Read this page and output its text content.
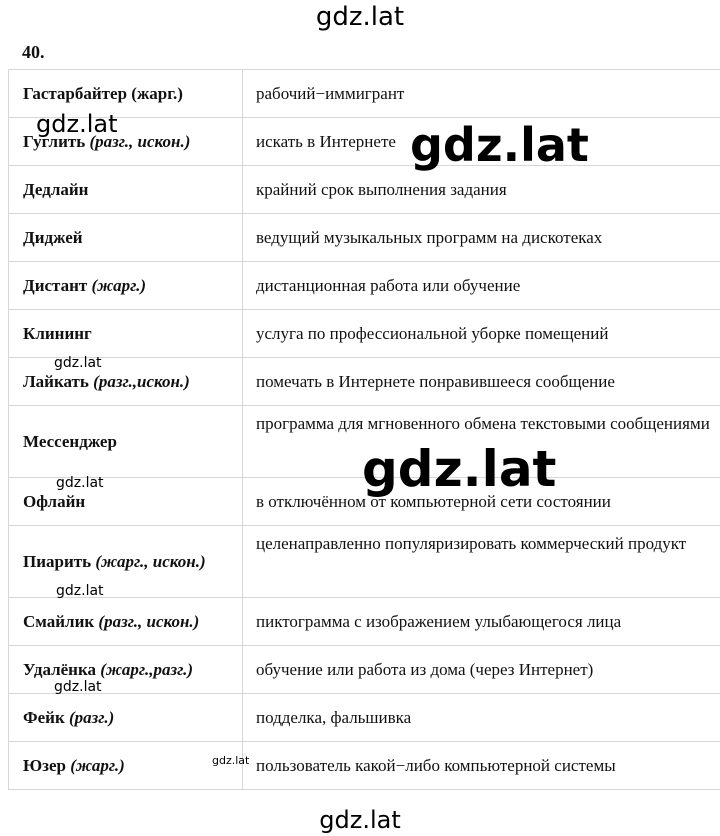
gdz.lat
40.
Гастарбайтер (жарг.)	рабочий−иммигрант
Гуглить (разг., искон.)	искать в Интернете
Дедлайн	крайний срок выполнения задания
Диджей	ведущий музыкальных программ на дискотеках
Дистант (жарг.)	дистанционная работа или обучение
Клининг	услуга по профессиональной уборке помещений
Лайкать (разг.,искон.)	помечать в Интернете понравившееся сообщение
Мессенджер	программа для мгновенного обмена текстовыми сообщениями
Офлайн	в отключённом от компьютерной сети состоянии
Пиарить (жарг., искон.)	целенаправленно популяризировать коммерческий продукт
Смайлик (разг., искон.)	пиктограмма с изображением улыбающегося лица
Удалёнка (жарг.,разг.)	обучение или работа из дома (через Интернет)
Фейк (разг.)	подделка, фальшивка
Юзер (жарг.)	пользователь какой−либо компьютерной системы
gdz.lat	gdz.lat
gdz.lat
gdz.lat
gdz.lat
gdz.lat
gdz.lat
gdz.lat
gdz.lat
